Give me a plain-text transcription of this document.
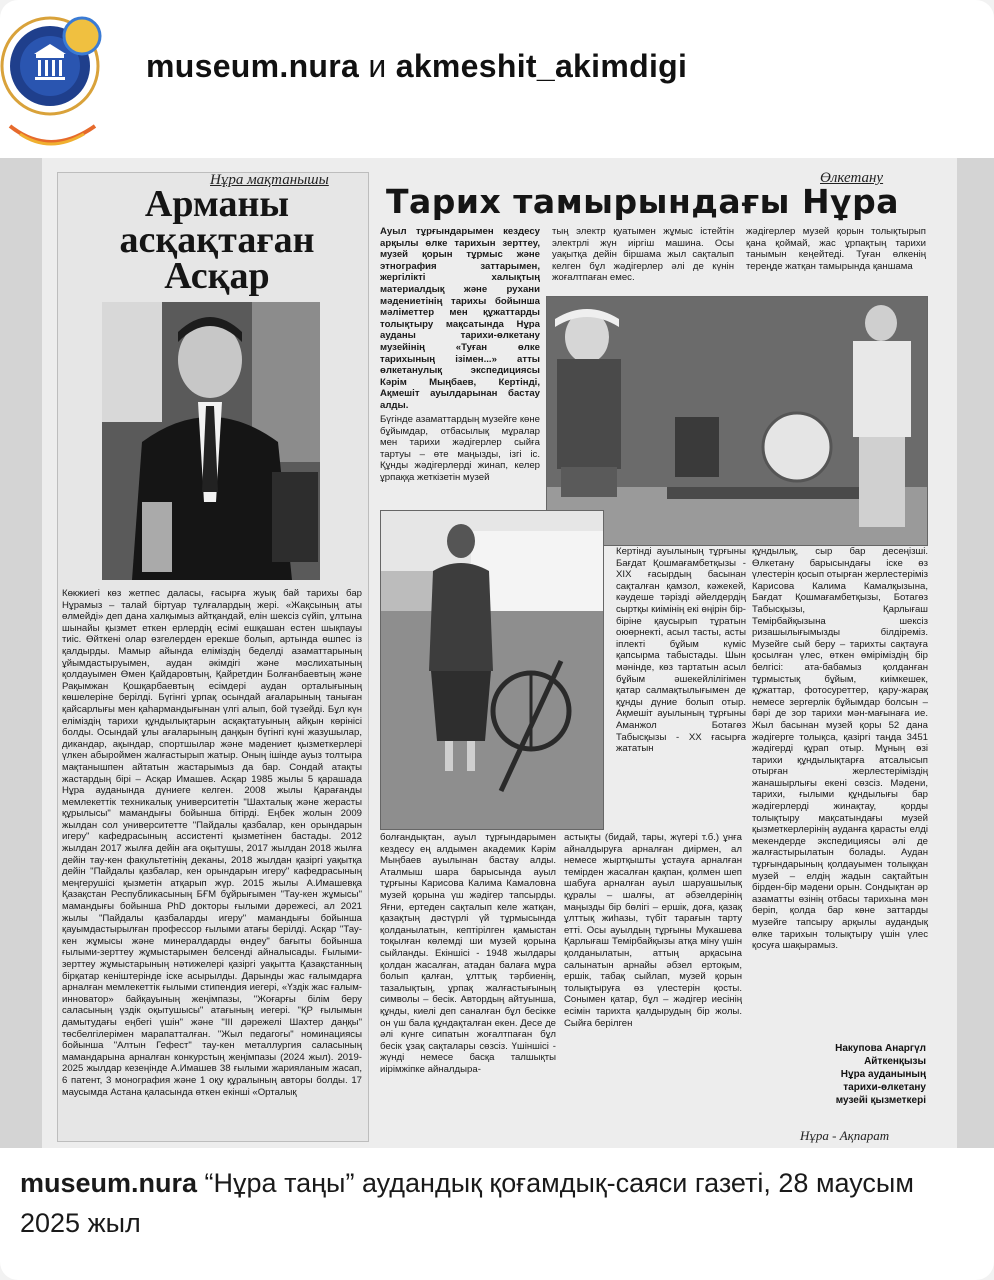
museum.nura и akmeshit_akimdigi
Нұра мақтанышы
Арманы асқақтаған Асқар
Көкжиегі көз жетпес даласы, ғасырға жуық бай тарихы бар Нұрамыз – талай біртуар тұлғалардың жері. «Жақсының аты өлмейді» деп дана халқымыз айтқандай, елін шексіз сүйіп, ұлтына шынайы қызмет еткен ерлердің есімі ешқашан естен шықпауы тиіс. Өйткені олар өзгелерден ерекше болып, артында өшпес із қалдырды. Мамыр айында елімiздің беделді азаматтарының ұйымдастыруымен, аудан әкімдігі және мәслихатының қолдауымен Өмен Қайдаровтың, Қайретдин Болғанбаевтың және Рақымжан Қошқарбаевтың есімдері аудан орталығының көшелеріне берілді. Бүгінгі ұрпақ осындай ағаларының таныған қайсарлығы мен қаһармандығынан үлгі алып, бой түзейді. Бұл күн еліміздің тарихи құндылықтарын асқақтатуының айқын көрінісі болды. Осындай ұлы ағаларының даңқын бүгінгі күні жазушылар, дикандар, ақындар, спортшылар және мәдениет қызметкерлері үлкен абыроймен жалғастырып жатыр. Оның ішінде ауыз толтыра мақтанышпен айтатын жастарымыз да бар. Сондай атақты жастардың бірі – Асқар Имашев. Асқар 1985 жылы 5 қарашада Нұра ауданында дүниеге келген. 2008 жылы Қарағанды мемлекеттік техникалық университетін "Шахталық және жерасты құрылысы" мамандығы бойынша бітірді. Еңбек жолын 2009 жылдан сол университетте "Пайдалы қазбалар, кен орындарын игеру" кафедрасының ассистенті қызметінен бастады. 2012 жылдан 2017 жылға дейін аға оқытушы, 2017 жылдан 2018 жылға дейін тау-кен факультетінің деканы, 2018 жылдан қазіргі уақытқа дейін "Пайдалы қазбалар, кен орындарын игеру" кафедрасының меңгерушісі қызметін атқарып жүр. 2015 жылы А.Имашевқа Қазақстан Республикасының БҒМ бұйрығымен "Тау-кен жұмысы" мамандығы бойынша PhD докторы ғылыми дәрежесі, ал 2021 жылы "Пайдалы қазбаларды игеру" мамандығы бойынша қауымдастырылған профессор ғылыми атағы берілді. Асқар "Тау-кен жұмысы және минералдарды өндеу" бағыты бойынша ғылыми-зерттеу жұмыстарымен белсенді айналысады. Ғылыми-зерттеу жұмыстарының нәтижелері қазіргі уақытта Қазақстанның бірқатар кеніштерінде іске асырылды. Дарынды жас ғалымдарға арналған мемлекеттік ғылыми стипендия иегері, «Үздік жас ғалым-инноватор» байқауының жеңімпазы, "Жоғарғы білім беру саласының үздік оқытушысы" атағының иегері. "ҚР ғылымын дамытудағы еңбегі үшін" және "ІІІ дәрежелі Шахтер даңқы" төсбелгілерімен марапатталған. "Жыл педагогы" номинациясы бойынша "Алтын Гефест" тау-кен металлургия саласының мамандарына арналған конкурстың жеңімпазы (2024 жыл). 2019-2025 жылдар кезеңінде А.Имашев 38 ғылыми жарияланым жасап, 6 патент, 3 монография және 1 оқу құралының авторы болды. 17 маусымда Астана қаласында өткен екінші «Орталық
Өлкетану
Тарих тамырындағы Нұра
Ауыл тұрғындарымен кездесу арқылы өлке тарихын зерттеу, музей қорын тұрмыс және этнография заттарымен, жергілікті халықтың материалдық және рухани мәдениетінің тарихы бойынша мәліметтер мен құжаттарды толықтыру мақсатында Нұра ауданы тарихи-өлкетану музейінің «Туған өлке тарихының ізімен...» атты өлкетанулық экспедициясы Кәрім Мыңбаев, Кертінді, Ақмешіт ауылдарынан бастау алды.
Бүгінде азаматтардың музейге көне бұйымдар, отбасылық мұралар мен тарихи жәдігерлер сыйға тартуы – өте маңызды, ізгі іс. Құнды жәдігерлерді жинап, келер ұрпаққа жеткізетін музей
тың электр қуатымен жұмыс істейтін электрлі жүн иіргіш машина. Осы уақытқа дейін біршама жыл сақталып келген бұл жәдігерлер әлі де күнін жоғалтпаған емес.
жәдігерлер музей қорын толықтырып қана қоймай, жас ұрпақтың тарихи танымын кеңейтеді. Туған өлкенің тереңде жатқан тамырында қаншама
Кертінді ауылының тұрғыны Бағдат Қошмағамбетқызы - XIX ғасырдың басынан сақталған қамзол, кәжекей, кәудеше тәрізді әйелдердің сыртқы киімінің екі өңірін бір-біріне қаусырып тұратын оюөрнекті, асыл тасты, асты іплекті бұйым күміс қапсырма табыстады. Шын мәнінде, көз тартатын асыл бұйым әшекейлілігімен қатар салмақтылығымен де құнды дүние болып отыр. Ақмешіт ауылының тұрғыны Аманжол Ботагөз Табысқызы - XX ғасырға жататын
құндылық, сыр бар десеңізші. Өлкетану барысындағы іске өз үлестерін қосып отырған жерлестеріміз Карисова Калима Камалқызына, Бағдат Қошмағамбетқызы, Ботагөз Табысқызы, Қарлығаш Темірбайқызына шексіз ризашылығымызды білдіреміз. Музейге сый беру – тарихты сақтауға қосылған үлес, өткен өміріміздің бір белгісі: ата-бабамыз қолданған тұрмыстық бұйым, киімкешек, құжаттар, фотосуреттер, қару-жарақ немесе зергерлік бұйымдар болсын – бәрі де зор тарихи мән-мағынаға ие. Жыл басынан музей қоры 52 дана жәдігерге толықса, қазіргі таңда 3451 жәдігерді құрап отыр. Мұның өзі тарихи құндылықтарға атсалысып отырған жерлестеріміздің жанашырлығы екені сөзсіз. Мәдени, тарихи, ғылыми құндылығы бар жәдігерлерді жинақтау, қорды толықтыру мақсатындағы музей қызметкерлерінің ауданға қарасты елді мекендерде экспедициясы әлі де жалғастырылатын болады. Аудан тұрғындарының қолдауымен толыққан музей – елдің жадын сақтайтын бірден-бір мәдени орын. Сондықтан әр азаматты өзінің отбасы тарихына мән беріп, қолда бар көне заттарды музейге тапсыру арқылы аудандық өлке тарихын толықтыру үшін үлес қосуға шақырамыз.
болғандықтан, ауыл тұрғындарымен кездесу ең алдымен академик Кәрім Мыңбаев ауылынан бастау алды. Аталмыш шара барысында ауыл тұрғыны Карисова Калима Камаловна музей қорына үш жәдігер тапсырды. Яғни, ертеден сақталып келе жатқан, қазақтың дәстүрлі үй тұрмысында қолданылатын, кептірілген қамыстан тоқылған көлемді ши музей қорына сыйланды. Екіншісі - 1948 жылдары қолдан жасалған, атадан балаға мұра болып қалған, ұлттық тәрбиенің, тазалықтың, ұрпақ жалғастығының символы – бесік. Автордың айтуынша, құнды, киелі деп саналған бұл бесікке он үш бала құндақталған екен. Десе де әлі күнге сипатын жоғалтпаған бұл бесік ұзақ сақталары сөзсіз. Үшіншісі - жүнді немесе басқа талшықты иірімжіпке айналдыра-
астықты (бидай, тары, жүгері т.б.) ұнға айналдыруға арналған диірмен, ал немесе жыртқышты ұстауға арналған темірден жасалған қақпан, қолмен шеп шабуға арналған ауыл шаруашылық құралы – шалғы, ат әбзелдерінің маңызды бір бөлігі – ершік, доға, қазақ ұлттық жиһазы, түбіт тарағын тарту етті. Осы ауылдың тұрғыны Мукашева Қарлығаш Темірбайқызы атқа міну үшін қолданылатын, аттың арқасына салынатын арнайы әбзел ертоқым, ершік, табақ сыйлап, музей қорын толықтыруға өз үлестерін қосты. Сонымен қатар, бұл – жәдігер иесінің есімін тарихта қалдырудың бір жолы. Сыйға берілген
Накупова Анаргүл
Айткенқызы
Нұра ауданының
тарихи-өлкетану
музейі қызметкері
Нұра - Ақпарат
museum.nura “Нұра таңы” аудандық қоғамдық-саяси газеті, 28 маусым 2025 жыл
